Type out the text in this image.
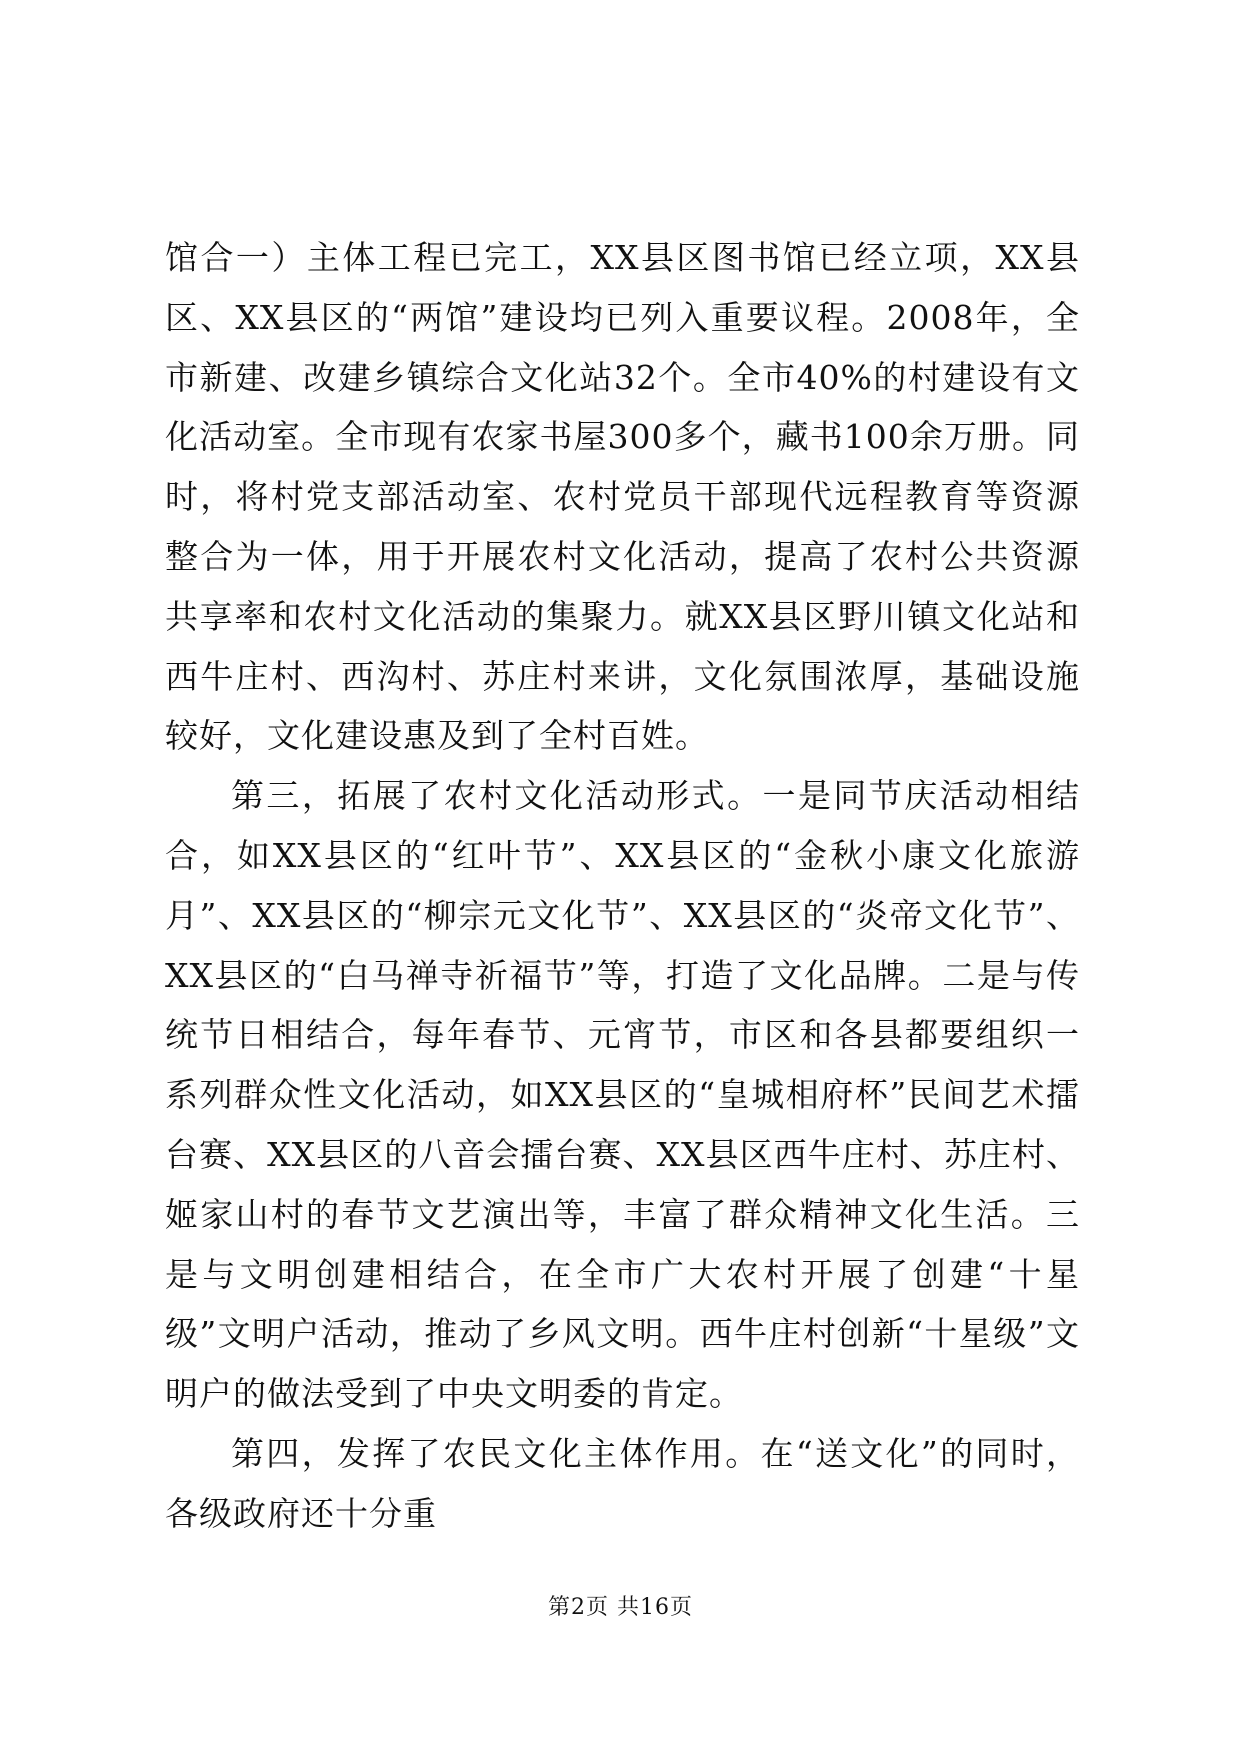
馆合一）主体工程已完工，XX县区图书馆已经立项，XX县区、XX县区的“两馆”建设均已列入重要议程。2008年，全市新建、改建乡镇综合文化站32个。全市40%的村建设有文化活动室。全市现有农家书屋300多个，藏书100余万册。同时，将村党支部活动室、农村党员干部现代远程教育等资源整合为一体，用于开展农村文化活动，提高了农村公共资源共享率和农村文化活动的集聚力。就XX县区野川镇文化站和西牛庄村、西沟村、苏庄村来讲，文化氛围浓厚，基础设施较好，文化建设惠及到了全村百姓。

第三，拓展了农村文化活动形式。一是同节庆活动相结合，如XX县区的“红叶节”、XX县区的“金秋小康文化旅游月”、XX县区的“柳宗元文化节”、XX县区的“炎帝文化节”、XX县区的“白马禅寺祈福节”等，打造了文化品牌。二是与传统节日相结合，每年春节、元宵节，市区和各县都要组织一系列群众性文化活动，如XX县区的“皇城相府杯”民间艺术擂台赛、XX县区的八音会擂台赛、XX县区西牛庄村、苏庄村、姬家山村的春节文艺演出等，丰富了群众精神文化生活。三是与文明创建相结合，在全市广大农村开展了创建“十星级”文明户活动，推动了乡风文明。西牛庄村创新“十星级”文明户的做法受到了中央文明委的肯定。

第四，发挥了农民文化主体作用。在“送文化”的同时，各级政府还十分重

第2页 共16页
